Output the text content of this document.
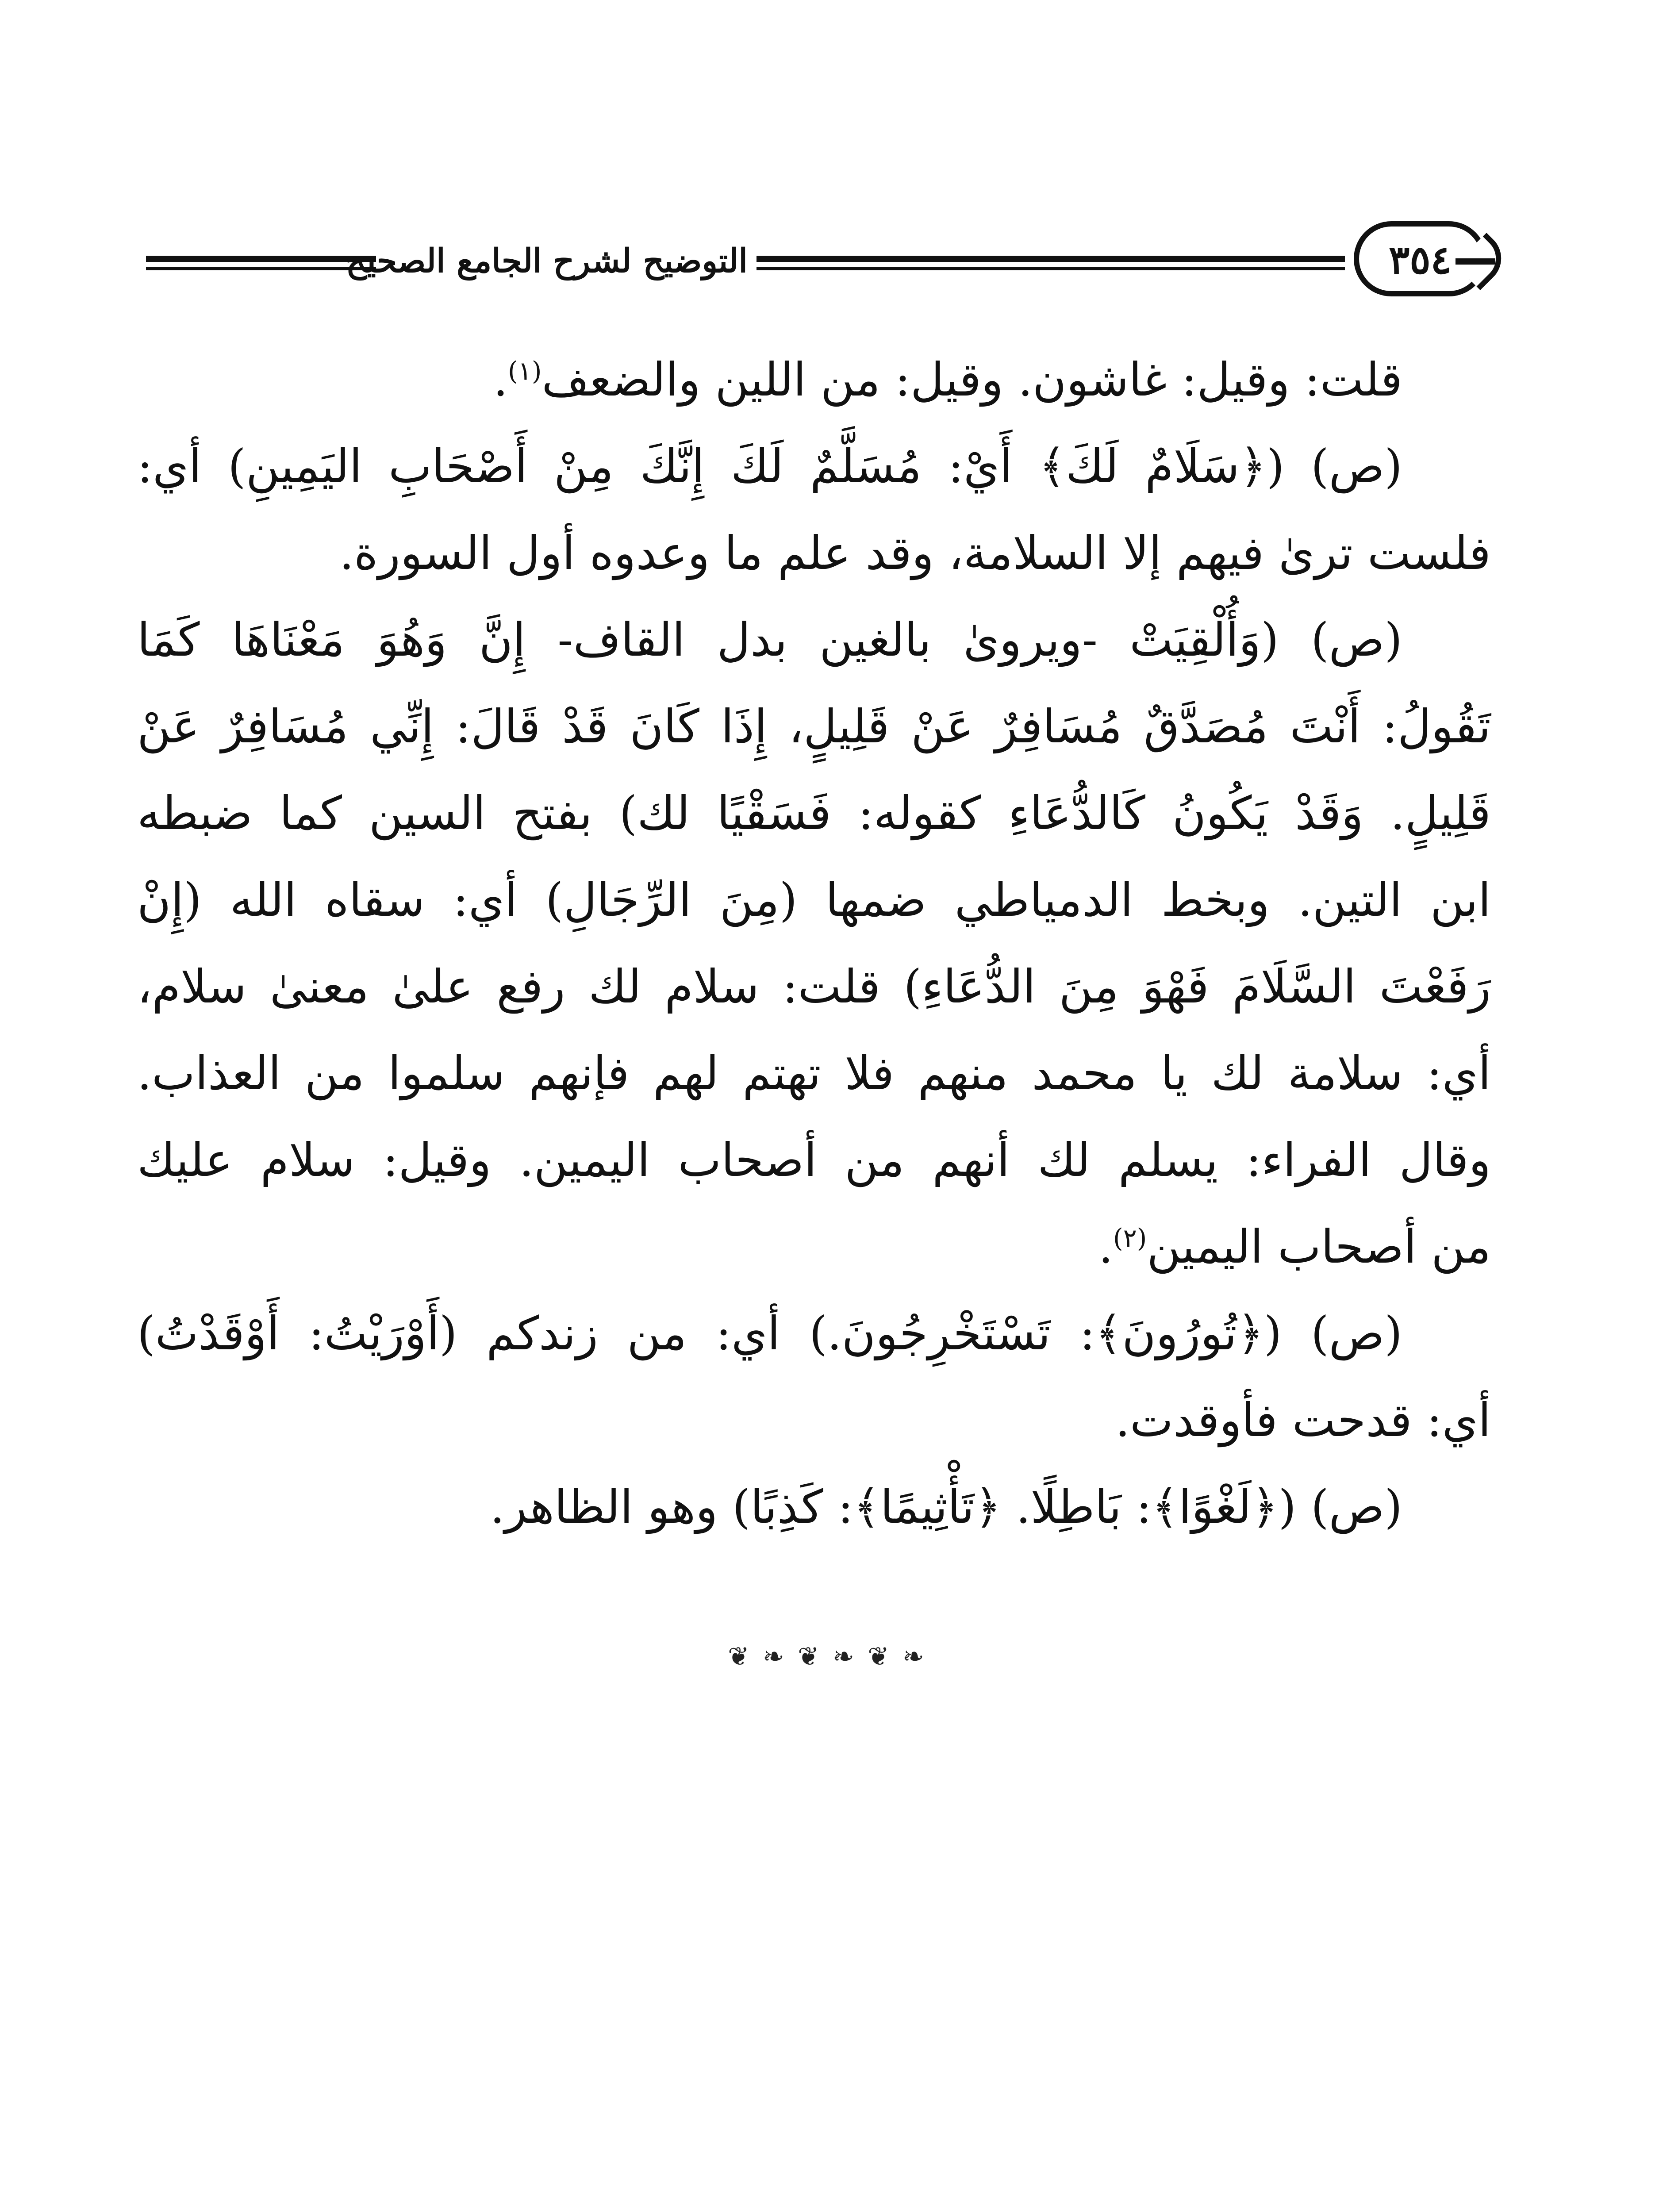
التوضيح لشرح الجامع الصحيح	٣٥٤
قلت: وقيل: غاشون. وقيل: من اللين والضعف$^{(١)}$.
(ص) (﴿سَلَامٌ لَكَ﴾ أَيْ: مُسَلَّمٌ لَكَ إِنَّكَ مِنْ أَصْحَابِ اليَمِينِ) أي:
فلست ترىٰ فيهم إلا السلامة، وقد علم ما وعدوه أول السورة.
(ص) (وَأُلْقِيَتْ -ويروىٰ بالغين بدل القاف- إِنَّ وَهُوَ مَعْنَاهَا كَمَا
تَقُولُ: أَنْتَ مُصَدَّقٌ مُسَافِرٌ عَنْ قَلِيلٍ، إِذَا كَانَ قَدْ قَالَ: إِنِّي مُسَافِرٌ عَنْ
قَلِيلٍ. وَقَدْ يَكُونُ كَالدُّعَاءِ كقوله: فَسَقْيًا لك) بفتح السين كما ضبطه
ابن التين. وبخط الدمياطي ضمها (مِنَ الرِّجَالِ) أي: سقاه الله (إِنْ
رَفَعْتَ السَّلَامَ فَهْوَ مِنَ الدُّعَاءِ) قلت: سلام لك رفع علىٰ معنىٰ سلام،
أي: سلامة لك يا محمد منهم فلا تهتم لهم فإنهم سلموا من العذاب.
وقال الفراء: يسلم لك أنهم من أصحاب اليمين. وقيل: سلام عليك
من أصحاب اليمين$^{(٢)}$.
(ص) (﴿تُورُونَ﴾: تَسْتَخْرِجُونَ.) أي: من زندكم (أَوْرَيْتُ: أَوْقَدْتُ)
أي: قدحت فأوقدت.
(ص) (﴿لَغْوًا﴾: بَاطِلًا. ﴿تَأْثِيمًا﴾: كَذِبًا) وهو الظاهر.
❦ ❧ ❦ ❧ ❦ ❧
